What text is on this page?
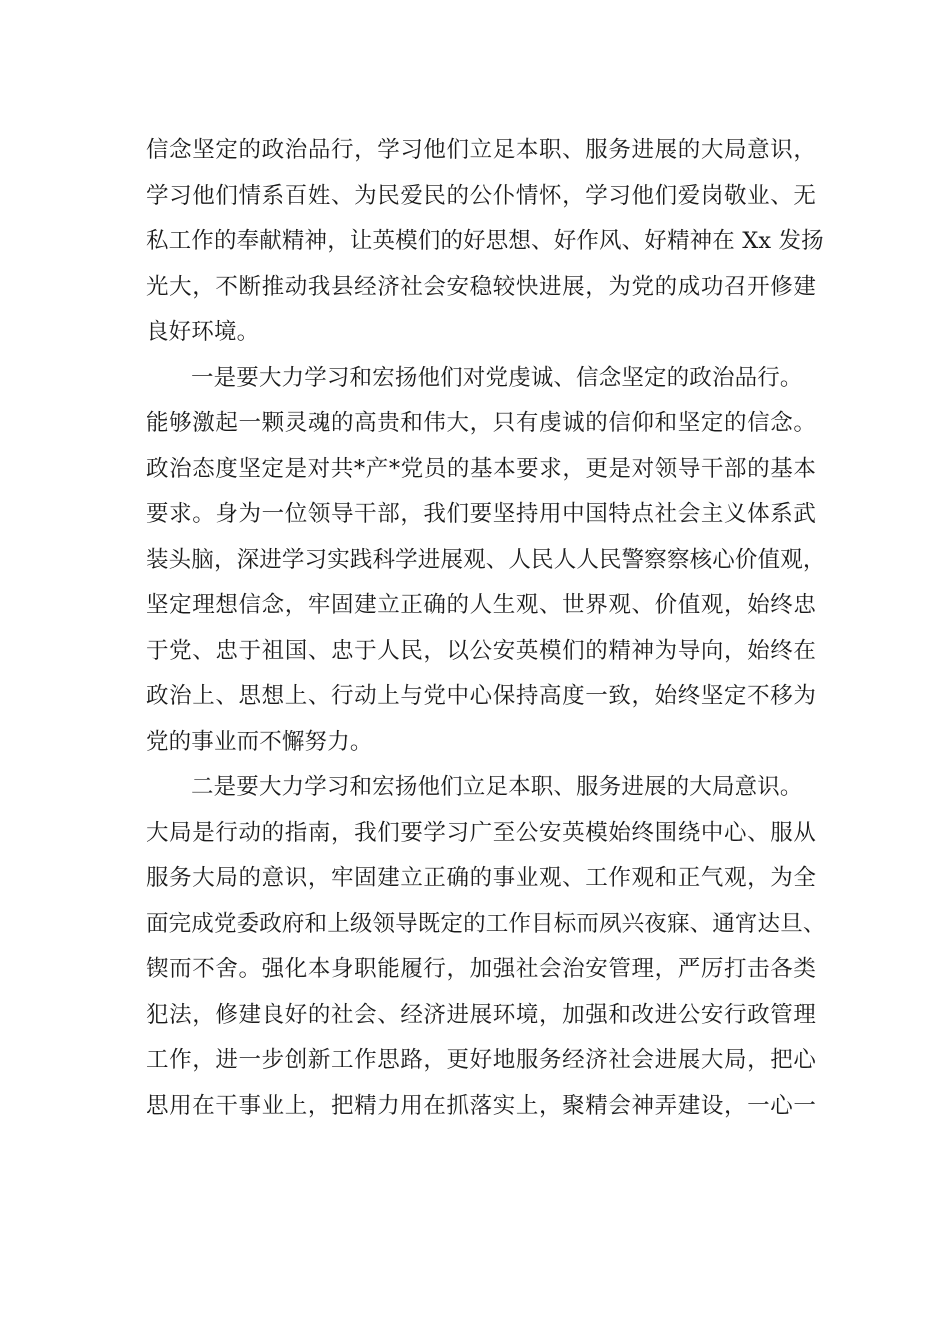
信念坚定的政治品行，学习他们立足本职、服务进展的大局意识，
学习他们情系百姓、为民爱民的公仆情怀，学习他们爱岗敬业、无
私工作的奉献精神，让英模们的好思想、好作风、好精神在 Xx 发扬
光大，不断推动我县经济社会安稳较快进展，为党的成功召开修建
良好环境。
一是要大力学习和宏扬他们对党虔诚、信念坚定的政治品行。
能够激起一颗灵魂的高贵和伟大，只有虔诚的信仰和坚定的信念。
政治态度坚定是对共*产*党员的基本要求，更是对领导干部的基本
要求。身为一位领导干部，我们要坚持用中国特点社会主义体系武
装头脑，深进学习实践科学进展观、人民人人民警察察核心价值观，
坚定理想信念，牢固建立正确的人生观、世界观、价值观，始终忠
于党、忠于祖国、忠于人民，以公安英模们的精神为导向，始终在
政治上、思想上、行动上与党中心保持高度一致，始终坚定不移为
党的事业而不懈努力。
二是要大力学习和宏扬他们立足本职、服务进展的大局意识。
大局是行动的指南，我们要学习广至公安英模始终围绕中心、服从
服务大局的意识，牢固建立正确的事业观、工作观和正气观，为全
面完成党委政府和上级领导既定的工作目标而夙兴夜寐、通宵达旦、
锲而不舍。强化本身职能履行，加强社会治安管理，严厉打击各类
犯法，修建良好的社会、经济进展环境，加强和改进公安行政管理
工作，进一步创新工作思路，更好地服务经济社会进展大局，把心
思用在干事业上，把精力用在抓落实上，聚精会神弄建设，一心一
